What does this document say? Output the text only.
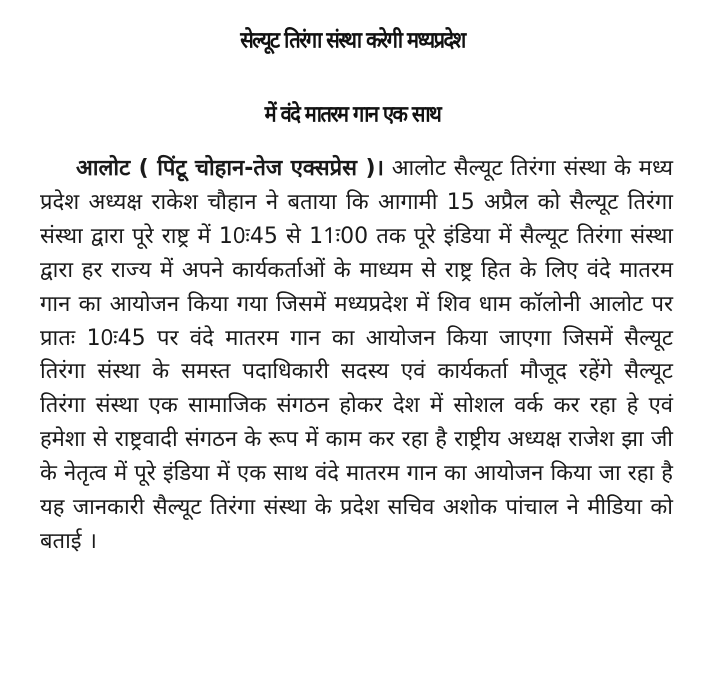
सेल्यूट तिरंगा संस्था करेगी मध्यप्रदेश
में वंदे मातरम गान एक साथ

आलोट ( पिंटू चोहान-तेज एक्सप्रेस )। आलोट सैल्यूट तिरंगा संस्था के मध्य प्रदेश अध्यक्ष राकेश चौहान ने बताया कि आगामी 15 अप्रैल को सैल्यूट तिरंगा संस्था द्वारा पूरे राष्ट्र में 10ः45 से 11ः00 तक पूरे इंडिया में सैल्यूट तिरंगा संस्था द्वारा हर राज्य में अपने कार्यकर्ताओं के माध्यम से राष्ट्र हित के लिए वंदे मातरम गान का आयोजन किया गया जिसमें मध्यप्रदेश में शिव धाम कॉलोनी आलोट पर प्रातः 10ः45 पर वंदे मातरम गान का आयोजन किया जाएगा जिसमें सैल्यूट तिरंगा संस्था के समस्त पदाधिकारी सदस्य एवं कार्यकर्ता मौजूद रहेंगे सैल्यूट तिरंगा संस्था एक सामाजिक संगठन होकर देश में सोशल वर्क कर रहा हे एवं हमेशा से राष्ट्रवादी संगठन के रूप में काम कर रहा है राष्ट्रीय अध्यक्ष राजेश झा जी के नेतृत्व में पूरे इंडिया में एक साथ वंदे मातरम गान का आयोजन किया जा रहा है यह जानकारी सैल्यूट तिरंगा संस्था के प्रदेश सचिव अशोक पांचाल ने मीडिया को बताई ।
